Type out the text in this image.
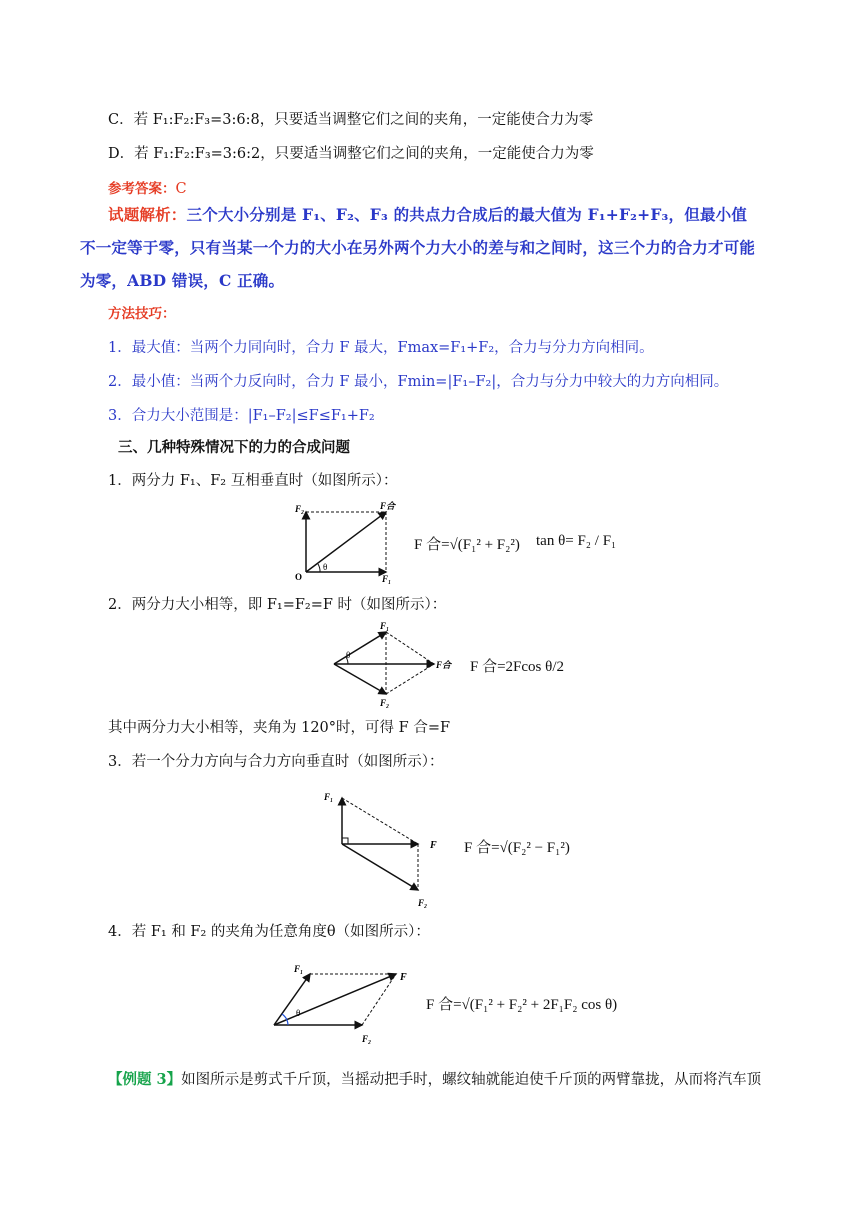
C．若 F₁:F₂:F₃=3:6:8，只要适当调整它们之间的夹角，一定能使合力为零
D．若 F₁:F₂:F₃=3:6:2，只要适当调整它们之间的夹角，一定能使合力为零
参考答案：C
试题解析：三个大小分别是 F₁、F₂、F₃ 的共点力合成后的最大值为 F₁+F₂+F₃，但最小值不一定等于零，只有当某一个力的大小在另外两个力大小的差与和之间时，这三个力的合力才可能为零，ABD 错误，C 正确。
方法技巧：
1．最大值：当两个力同向时，合力 F 最大，Fmax=F₁+F₂，合力与分力方向相同。
2．最小值：当两个力反向时，合力 F 最小，Fmin=|F₁–F₂|，合力与分力中较大的力方向相同。
3．合力大小范围是：|F₁–F₂|≤F≤F₁+F₂
三、几种特殊情况下的力的合成问题
1．两分力 F₁、F₂ 互相垂直时（如图所示）：
F₂	F合
O
θ
F₁
F 合=√(F₁² + F₂²) tan θ= F₂ / F₁
2．两分力大小相等，即 F₁=F₂=F 时（如图所示）：
F₁
F₂
F合
θ
F 合=2Fcos θ/2
其中两分力大小相等，夹角为 120°时，可得 F 合=F
3．若一个分力方向与合力方向垂直时（如图所示）：
F₁
F
F₂
F 合=√(F₂² − F₁²)
4．若 F₁ 和 F₂ 的夹角为任意角度θ（如图所示）：
F₁
F
F₂
θ	F 合=√(F₁² + F₂² + 2F₁F₂ cos θ)
【例题 3】如图所示是剪式千斤顶，当摇动把手时，螺纹轴就能迫使千斤顶的两臂靠拢，从而将汽车顶
